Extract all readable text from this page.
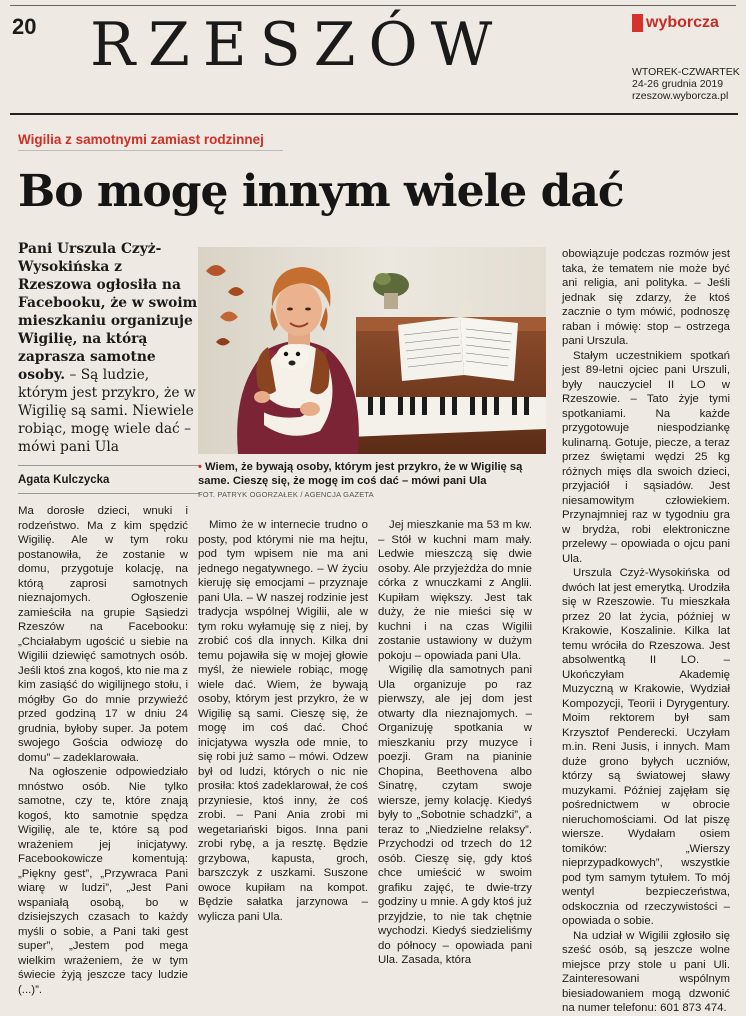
20 RZESZÓW	wyborcza
WTOREK-CZWARTEK
24-26 grudnia 2019
rzeszow.wyborcza.pl
Wigilia z samotnymi zamiast rodzinnej
Bo mogę innym wiele dać
Pani Urszula Czyż-Wysokińska z Rzeszowa ogłosiła na Facebooku, że w swoim mieszkaniu organizuje Wigilię, na którą zaprasza samotne osoby. – Są ludzie, którym jest przykro, że w Wigilię są sami. Niewiele robiąc, mogę wiele dać – mówi pani Ula
Agata Kulczycka
• Wiem, że bywają osoby, którym jest przykro, że w Wigilię są same. Cieszę się, że mogę im coś dać – mówi pani Ula
FOT. PATRYK OGORZAŁEK / AGENCJA GAZETA

Ma dorosłe dzieci, wnuki i rodzeństwo. Ma z kim spędzić Wigilię. Ale w tym roku postanowiła, że zostanie w domu, przygotuje kolację, na którą zaprosi samotnych nieznajomych. Ogłoszenie zamieściła na grupie Sąsiedzi Rzeszów na Facebooku: „Chciałabym ugościć u siebie na Wigilii dziewięć samotnych osób. Jeśli ktoś zna kogoś, kto nie ma z kim zasiąść do wigilijnego stołu, i mógłby Go do mnie przywieźć przed godziną 17 w dniu 24 grudnia, byłoby super. Ja potem swojego Gościa odwiozę do domu” – zadeklarowała.

Na ogłoszenie odpowiedziało mnóstwo osób. Nie tylko samotne, czy te, które znają kogoś, kto samotnie spędza Wigilię, ale te, które są pod wrażeniem jej inicjatywy. Facebookowicze komentują: „Piękny gest”, „Przywraca Pani wiarę w ludzi”, „Jest Pani wspaniałą osobą, bo w dzisiejszych czasach to każdy myśli o sobie, a Pani taki gest super”, „Jestem pod mega wielkim wrażeniem, że w tym świecie żyją jeszcze tacy ludzie (...)”.

Mimo że w internecie trudno o posty, pod którymi nie ma hejtu, pod tym wpisem nie ma ani jednego negatywnego. – W życiu kieruję się emocjami – przyznaje pani Ula. – W naszej rodzinie jest tradycja wspólnej Wigilii, ale w tym roku wyłamuję się z niej, by zrobić coś dla innych. Kilka dni temu pojawiła się w mojej głowie myśl, że niewiele robiąc, mogę wiele dać. Wiem, że bywają osoby, którym jest przykro, że w Wigilię są sami. Cieszę się, że mogę im coś dać. Choć inicjatywa wyszła ode mnie, to się robi już samo – mówi. Odzew był od ludzi, których o nic nie prosiła: ktoś zadeklarował, że coś przyniesie, ktoś inny, że coś zrobi. – Pani Ania zrobi mi wegetariański bigos. Inna pani zrobi rybę, a ja resztę. Będzie grzybowa, kapusta, groch, barszczyk z uszkami. Suszone owoce kupiłam na kompot. Będzie sałatka jarzynowa – wylicza pani Ula.

Jej mieszkanie ma 53 m kw. – Stół w kuchni mam mały. Ledwie mieszczą się dwie osoby. Ale przyjeżdża do mnie córka z wnuczkami z Anglii. Kupiłam większy. Jest tak duży, że nie mieści się w kuchni i na czas Wigilii zostanie ustawiony w dużym pokoju – opowiada pani Ula.

Wigilię dla samotnych pani Ula organizuje po raz pierwszy, ale jej dom jest otwarty dla nieznajomych. – Organizuję spotkania w mieszkaniu przy muzyce i poezji. Gram na pianinie Chopina, Beethovena albo Sinatrę, czytam swoje wiersze, jemy kolację. Kiedyś były to „Sobotnie schadzki”, a teraz to „Niedzielne relaksy”. Przychodzi od trzech do 12 osób. Cieszę się, gdy ktoś chce umieścić w swoim grafiku zajęć, te dwie-trzy godziny u mnie. A gdy ktoś już przyjdzie, to nie tak chętnie wychodzi. Kiedyś siedzieliśmy do północy – opowiada pani Ula. Zasada, która

obowiązuje podczas rozmów jest taka, że tematem nie może być ani religia, ani polityka. – Jeśli jednak się zdarzy, że ktoś zacznie o tym mówić, podnoszę raban i mówię: stop – ostrzega pani Urszula.

Stałym uczestnikiem spotkań jest 89-letni ojciec pani Urszuli, były nauczyciel II LO w Rzeszowie. – Tato żyje tymi spotkaniami. Na każde przygotowuje niespodziankę kulinarną. Gotuje, piecze, a teraz przez świętami wędzi 25 kg różnych mięs dla swoich dzieci, przyjaciół i sąsiadów. Jest niesamowitym człowiekiem. Przynajmniej raz w tygodniu gra w brydża, robi elektroniczne przelewy – opowiada o ojcu pani Ula.

Urszula Czyż-Wysokińska od dwóch lat jest emerytką. Urodziła się w Rzeszowie. Tu mieszkała przez 20 lat życia, później w Krakowie, Koszalinie. Kilka lat temu wróciła do Rzeszowa. Jest absolwentką II LO. – Ukończyłam Akademię Muzyczną w Krakowie, Wydział Kompozycji, Teorii i Dyrygentury. Moim rektorem był sam Krzysztof Penderecki. Uczyłam m.in. Reni Jusis, i innych. Mam duże grono byłych uczniów, którzy są światowej sławy muzykami. Później zajęłam się pośrednictwem w obrocie nieruchomościami. Od lat piszę wiersze. Wydałam osiem tomików: „Wierszy nieprzypadkowych”, wszystkie pod tym samym tytułem. To mój wentyl bezpieczeństwa, odskocznia od rzeczywistości – opowiada o sobie.

Na udział w Wigilii zgłosiło się sześć osób, są jeszcze wolne miejsce przy stole u pani Uli. Zainteresowani wspólnym biesiadowaniem mogą dzwonić na numer telefonu: 601 873 474.
